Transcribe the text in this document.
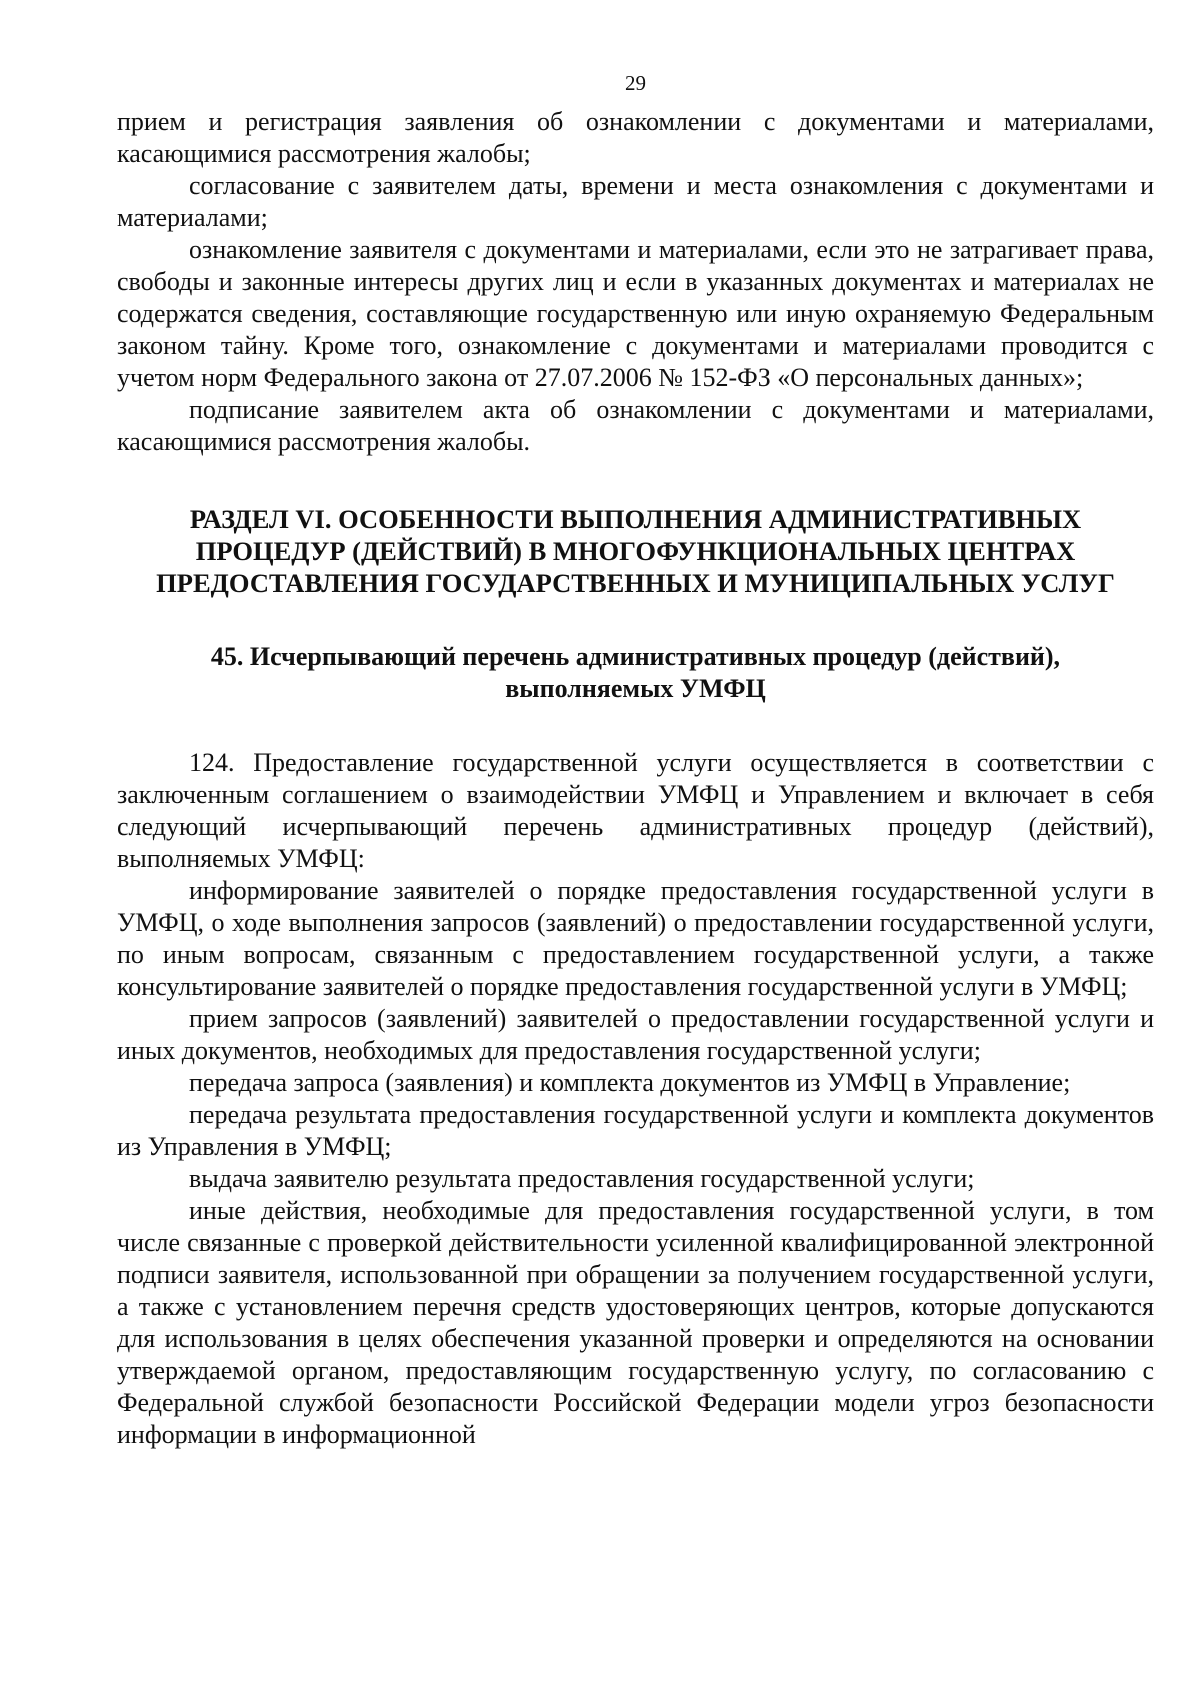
29

прием и регистрация заявления об ознакомлении с документами и материалами, касающимися рассмотрения жалобы;

согласование с заявителем даты, времени и места ознакомления с документами и материалами;

ознакомление заявителя с документами и материалами, если это не затрагивает права, свободы и законные интересы других лиц и если в указанных документах и материалах не содержатся сведения, составляющие государственную или иную охраняемую Федеральным законом тайну. Кроме того, ознакомление с документами и материалами проводится с учетом норм Федерального закона от 27.07.2006 № 152-ФЗ «О персональных данных»;

подписание заявителем акта об ознакомлении с документами и материалами, касающимися рассмотрения жалобы.

РАЗДЕЛ VI. ОСОБЕННОСТИ ВЫПОЛНЕНИЯ АДМИНИСТРАТИВНЫХ
ПРОЦЕДУР (ДЕЙСТВИЙ) В МНОГОФУНКЦИОНАЛЬНЫХ ЦЕНТРАХ
ПРЕДОСТАВЛЕНИЯ ГОСУДАРСТВЕННЫХ И МУНИЦИПАЛЬНЫХ УСЛУГ
45. Исчерпывающий перечень административных процедур (действий),
выполняемых УМФЦ

124. Предоставление государственной услуги осуществляется в соответствии с заключенным соглашением о взаимодействии УМФЦ и Управлением и включает в себя следующий исчерпывающий перечень административных процедур (действий), выполняемых УМФЦ:

информирование заявителей о порядке предоставления государственной услуги в УМФЦ, о ходе выполнения запросов (заявлений) о предоставлении государственной услуги, по иным вопросам, связанным с предоставлением государственной услуги, а также консультирование заявителей о порядке предоставления государственной услуги в УМФЦ;

прием запросов (заявлений) заявителей о предоставлении государственной услуги и иных документов, необходимых для предоставления государственной услуги;

передача запроса (заявления) и комплекта документов из УМФЦ в Управление;

передача результата предоставления государственной услуги и комплекта документов из Управления в УМФЦ;

выдача заявителю результата предоставления государственной услуги;

иные действия, необходимые для предоставления государственной услуги, в том числе связанные с проверкой действительности усиленной квалифицированной электронной подписи заявителя, использованной при обращении за получением государственной услуги, а также с установлением перечня средств удостоверяющих центров, которые допускаются для использования в целях обеспечения указанной проверки и определяются на основании утверждаемой органом, предоставляющим государственную услугу, по согласованию с Федеральной службой безопасности Российской Федерации модели угроз безопасности информации в информационной
